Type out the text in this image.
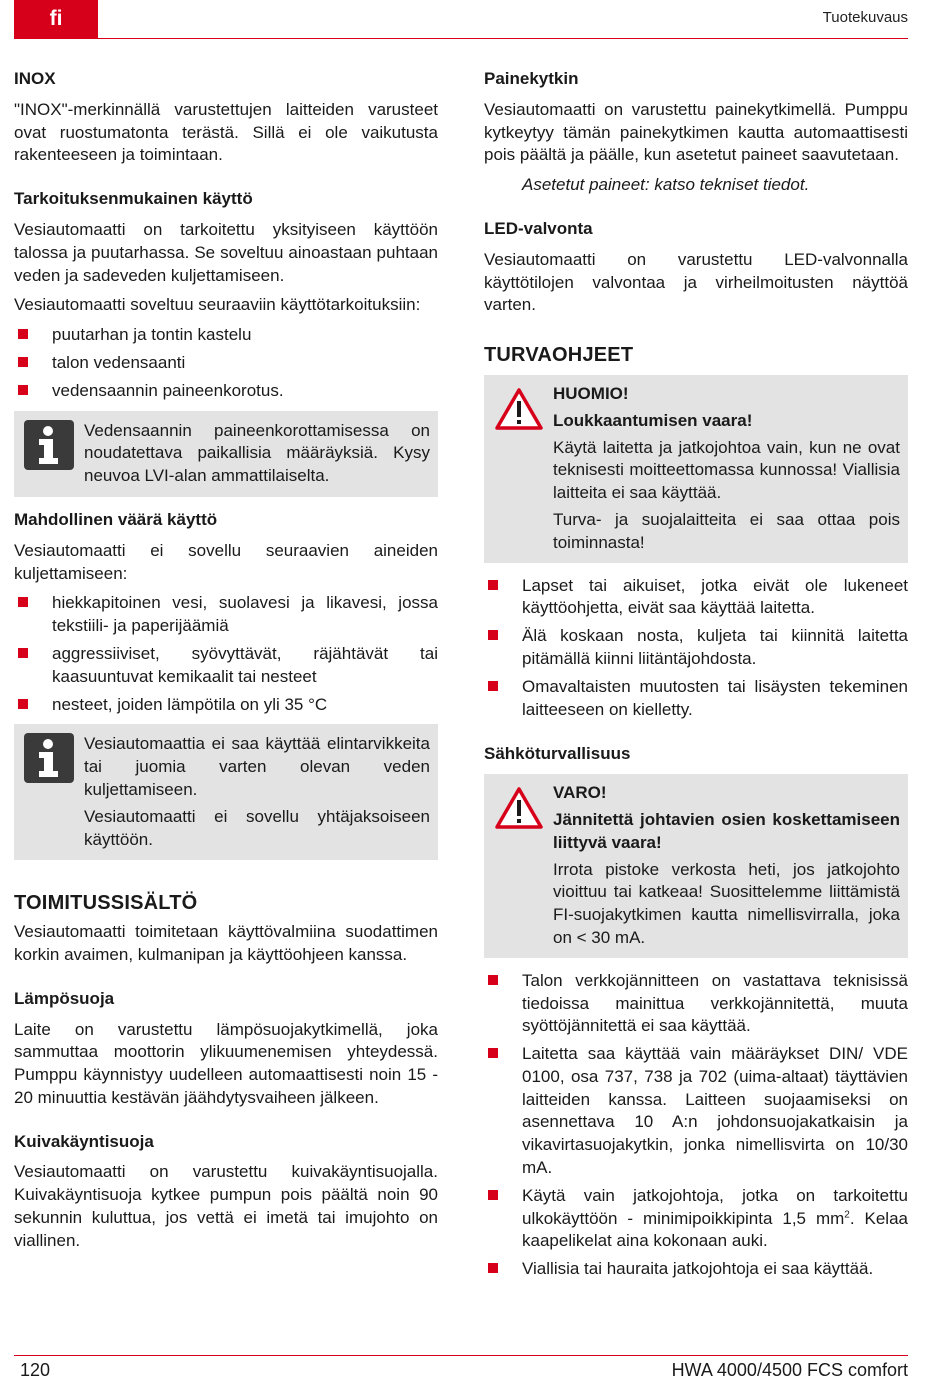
fi	Tuotekuvaus
INOX

"INOX"-merkinnällä varustettujen laitteiden varusteet ovat ruostumatonta terästä. Sillä ei ole vaikutusta rakenteeseen ja toimintaan.

Tarkoituksenmukainen käyttö

Vesiautomaatti on tarkoitettu yksityiseen käyttöön talossa ja puutarhassa. Se soveltuu ainoastaan puhtaan veden ja sadeveden kuljettamiseen.

Vesiautomaatti soveltuu seuraaviin käyttötarkoituksiin:

puutarhan ja tontin kastelu
talon vedensaanti
vedensaannin paineenkorotus.

Vedensaannin paineenkorottamisessa on noudatettava paikallisia määräyksiä. Kysy neuvoa LVI-alan ammattilaiselta.

Mahdollinen väärä käyttö

Vesiautomaatti ei sovellu seuraavien aineiden kuljettamiseen:

hiekkapitoinen vesi, suolavesi ja likavesi, jossa tekstiili- ja paperijäämiä
aggressiiviset, syövyttävät, räjähtävät tai kaasuuntuvat kemikaalit tai nesteet
nesteet, joiden lämpötila on yli 35 °C

Vesiautomaattia ei saa käyttää elintarvikkeita tai juomia varten olevan veden kuljettamiseen.

Vesiautomaatti ei sovellu yhtäjaksoiseen käyttöön.

TOIMITUSSISÄLTÖ

Vesiautomaatti toimitetaan käyttövalmiina suodattimen korkin avaimen, kulmanipan ja käyttöohjeen kanssa.

Lämpösuoja

Laite on varustettu lämpösuojakytkimellä, joka sammuttaa moottorin ylikuumenemisen yhteydessä. Pumppu käynnistyy uudelleen automaattisesti noin 15 - 20 minuuttia kestävän jäähdytysvaiheen jälkeen.

Kuivakäyntisuoja

Vesiautomaatti on varustettu kuivakäyntisuojalla. Kuivakäyntisuoja kytkee pumpun pois päältä noin 90 sekunnin kuluttua, jos vettä ei imetä tai imujohto on viallinen.

Painekytkin

Vesiautomaatti on varustettu painekytkimellä. Pumppu kytkeytyy tämän painekytkimen kautta automaattisesti pois päältä ja päälle, kun asetetut paineet saavutetaan.

Asetetut paineet: katso tekniset tiedot.

LED-valvonta

Vesiautomaatti on varustettu LED-valvonnalla käyttötilojen valvontaa ja virheilmoitusten näyttöä varten.

TURVAOHJEET

HUOMIO!

Loukkaantumisen vaara!

Käytä laitetta ja jatkojohtoa vain, kun ne ovat teknisesti moitteettomassa kunnossa! Viallisia laitteita ei saa käyttää.

Turva- ja suojalaitteita ei saa ottaa pois toiminnasta!

Lapset tai aikuiset, jotka eivät ole lukeneet käyttöohjetta, eivät saa käyttää laitetta.
Älä koskaan nosta, kuljeta tai kiinnitä laitetta pitämällä kiinni liitäntäjohdosta.
Omavaltaisten muutosten tai lisäysten tekeminen laitteeseen on kielletty.
Sähköturvallisuus

VARO!

Jännitettä johtavien osien koskettamiseen liittyvä vaara!

Irrota pistoke verkosta heti, jos jatkojohto vioittuu tai katkeaa! Suosittelemme liittämistä FI-suojakytkimen kautta nimellisvirralla, joka on < 30 mA.

Talon verkkojännitteen on vastattava teknisissä tiedoissa mainittua verkkojännitettä, muuta syöttöjännitettä ei saa käyttää.
Laitetta saa käyttää vain määräykset DIN/ VDE 0100, osa 737, 738 ja 702 (uima-altaat) täyttävien laitteiden kanssa. Laitteen suojaamiseksi on asennettava 10 A:n johdonsuojakatkaisin ja vikavirtasuojakytkin, jonka nimellisvirta on 10/30 mA.
Käytä vain jatkojohtoja, jotka on tarkoitettu ulkokäyttöön - minimipoikkipinta 1,5 $mm^2$. Kelaa kaapelikelat aina kokonaan auki.
Viallisia tai hauraita jatkojohtoja ei saa käyttää.
120	HWA 4000/4500 FCS comfort
